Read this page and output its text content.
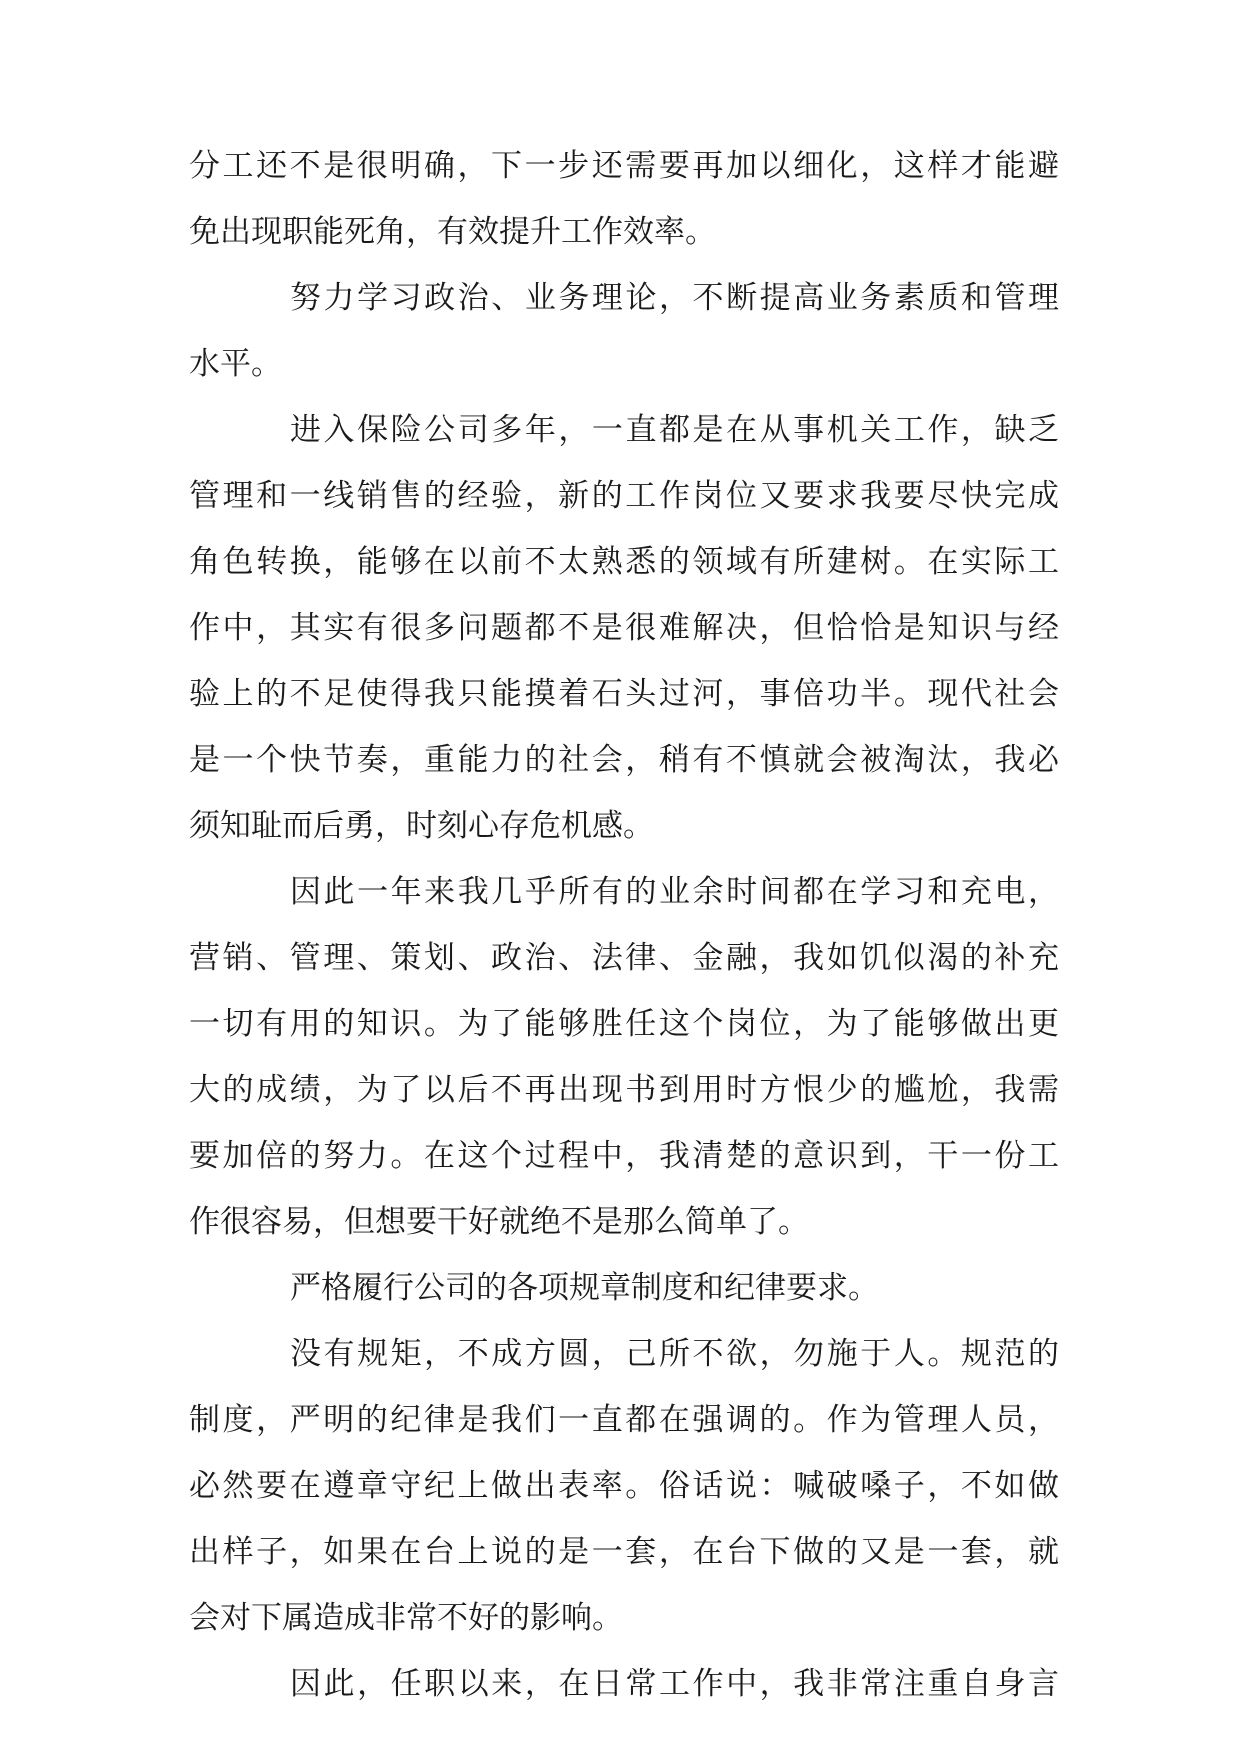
分工还不是很明确，下一步还需要再加以细化，这样才能避
免出现职能死角，有效提升工作效率。
努力学习政治、业务理论，不断提高业务素质和管理
水平。
进入保险公司多年，一直都是在从事机关工作，缺乏
管理和一线销售的经验，新的工作岗位又要求我要尽快完成
角色转换，能够在以前不太熟悉的领域有所建树。在实际工
作中，其实有很多问题都不是很难解决，但恰恰是知识与经
验上的不足使得我只能摸着石头过河，事倍功半。现代社会
是一个快节奏，重能力的社会，稍有不慎就会被淘汰，我必
须知耻而后勇，时刻心存危机感。
因此一年来我几乎所有的业余时间都在学习和充电，
营销、管理、策划、政治、法律、金融，我如饥似渴的补充
一切有用的知识。为了能够胜任这个岗位，为了能够做出更
大的成绩，为了以后不再出现书到用时方恨少的尴尬，我需
要加倍的努力。在这个过程中，我清楚的意识到，干一份工
作很容易，但想要干好就绝不是那么简单了。
严格履行公司的各项规章制度和纪律要求。
没有规矩，不成方圆，己所不欲，勿施于人。规范的
制度，严明的纪律是我们一直都在强调的。作为管理人员，
必然要在遵章守纪上做出表率。俗话说：喊破嗓子，不如做
出样子，如果在台上说的是一套，在台下做的又是一套，就
会对下属造成非常不好的影响。
因此，任职以来，在日常工作中，我非常注重自身言
